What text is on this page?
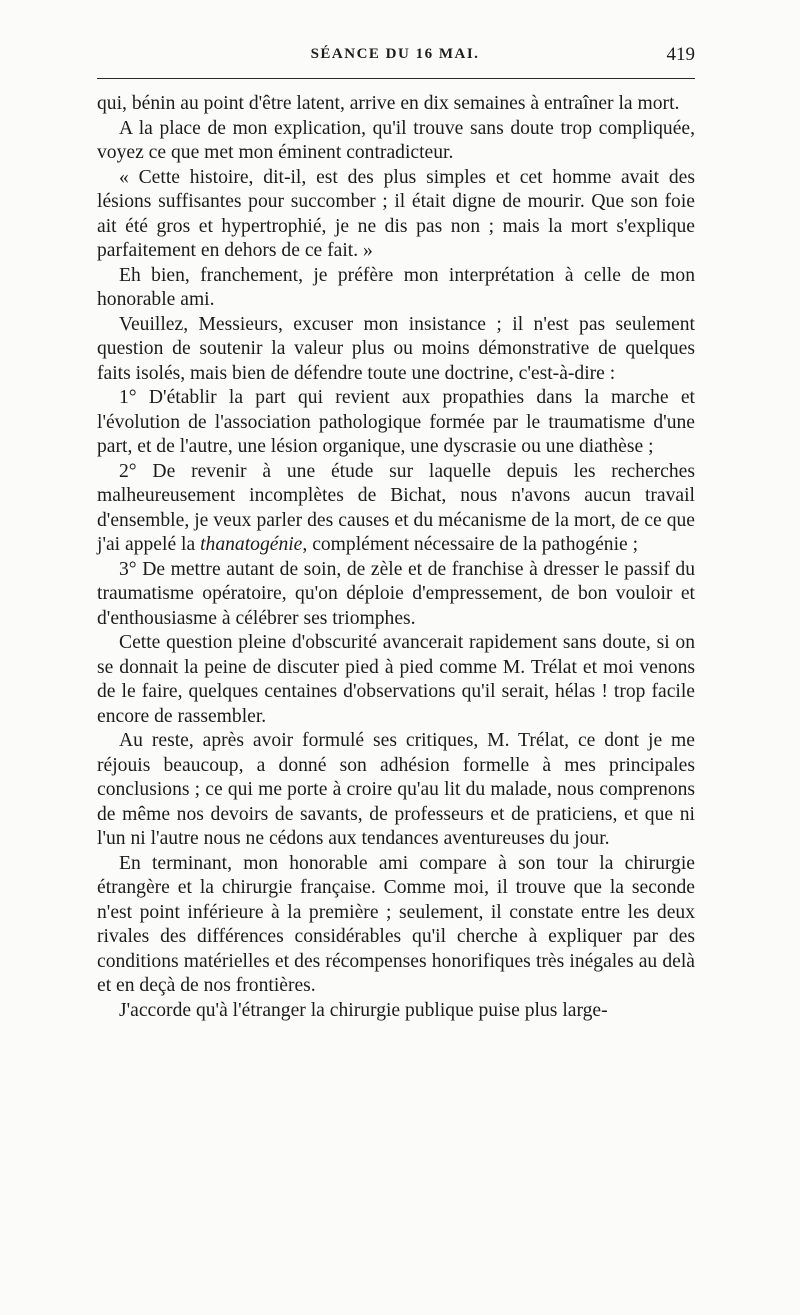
SÉANCE DU 16 MAI.	419

qui, bénin au point d'être latent, arrive en dix semaines à entraîner la mort.

A la place de mon explication, qu'il trouve sans doute trop compliquée, voyez ce que met mon éminent contradicteur.

« Cette histoire, dit-il, est des plus simples et cet homme avait des lésions suffisantes pour succomber ; il était digne de mourir. Que son foie ait été gros et hypertrophié, je ne dis pas non ; mais la mort s'explique parfaitement en dehors de ce fait. »

Eh bien, franchement, je préfère mon interprétation à celle de mon honorable ami.

Veuillez, Messieurs, excuser mon insistance ; il n'est pas seulement question de soutenir la valeur plus ou moins démonstrative de quelques faits isolés, mais bien de défendre toute une doctrine, c'est-à-dire :

1° D'établir la part qui revient aux propathies dans la marche et l'évolution de l'association pathologique formée par le traumatisme d'une part, et de l'autre, une lésion organique, une dyscrasie ou une diathèse ;

2° De revenir à une étude sur laquelle depuis les recherches malheureusement incomplètes de Bichat, nous n'avons aucun travail d'ensemble, je veux parler des causes et du mécanisme de la mort, de ce que j'ai appelé la thanatogénie, complément nécessaire de la pathogénie ;

3° De mettre autant de soin, de zèle et de franchise à dresser le passif du traumatisme opératoire, qu'on déploie d'empressement, de bon vouloir et d'enthousiasme à célébrer ses triomphes.

Cette question pleine d'obscurité avancerait rapidement sans doute, si on se donnait la peine de discuter pied à pied comme M. Trélat et moi venons de le faire, quelques centaines d'observations qu'il serait, hélas ! trop facile encore de rassembler.

Au reste, après avoir formulé ses critiques, M. Trélat, ce dont je me réjouis beaucoup, a donné son adhésion formelle à mes principales conclusions ; ce qui me porte à croire qu'au lit du malade, nous comprenons de même nos devoirs de savants, de professeurs et de praticiens, et que ni l'un ni l'autre nous ne cédons aux tendances aventureuses du jour.

En terminant, mon honorable ami compare à son tour la chirurgie étrangère et la chirurgie française. Comme moi, il trouve que la seconde n'est point inférieure à la première ; seulement, il constate entre les deux rivales des différences considérables qu'il cherche à expliquer par des conditions matérielles et des récompenses honorifiques très inégales au delà et en deçà de nos frontières.

J'accorde qu'à l'étranger la chirurgie publique puise plus large-
